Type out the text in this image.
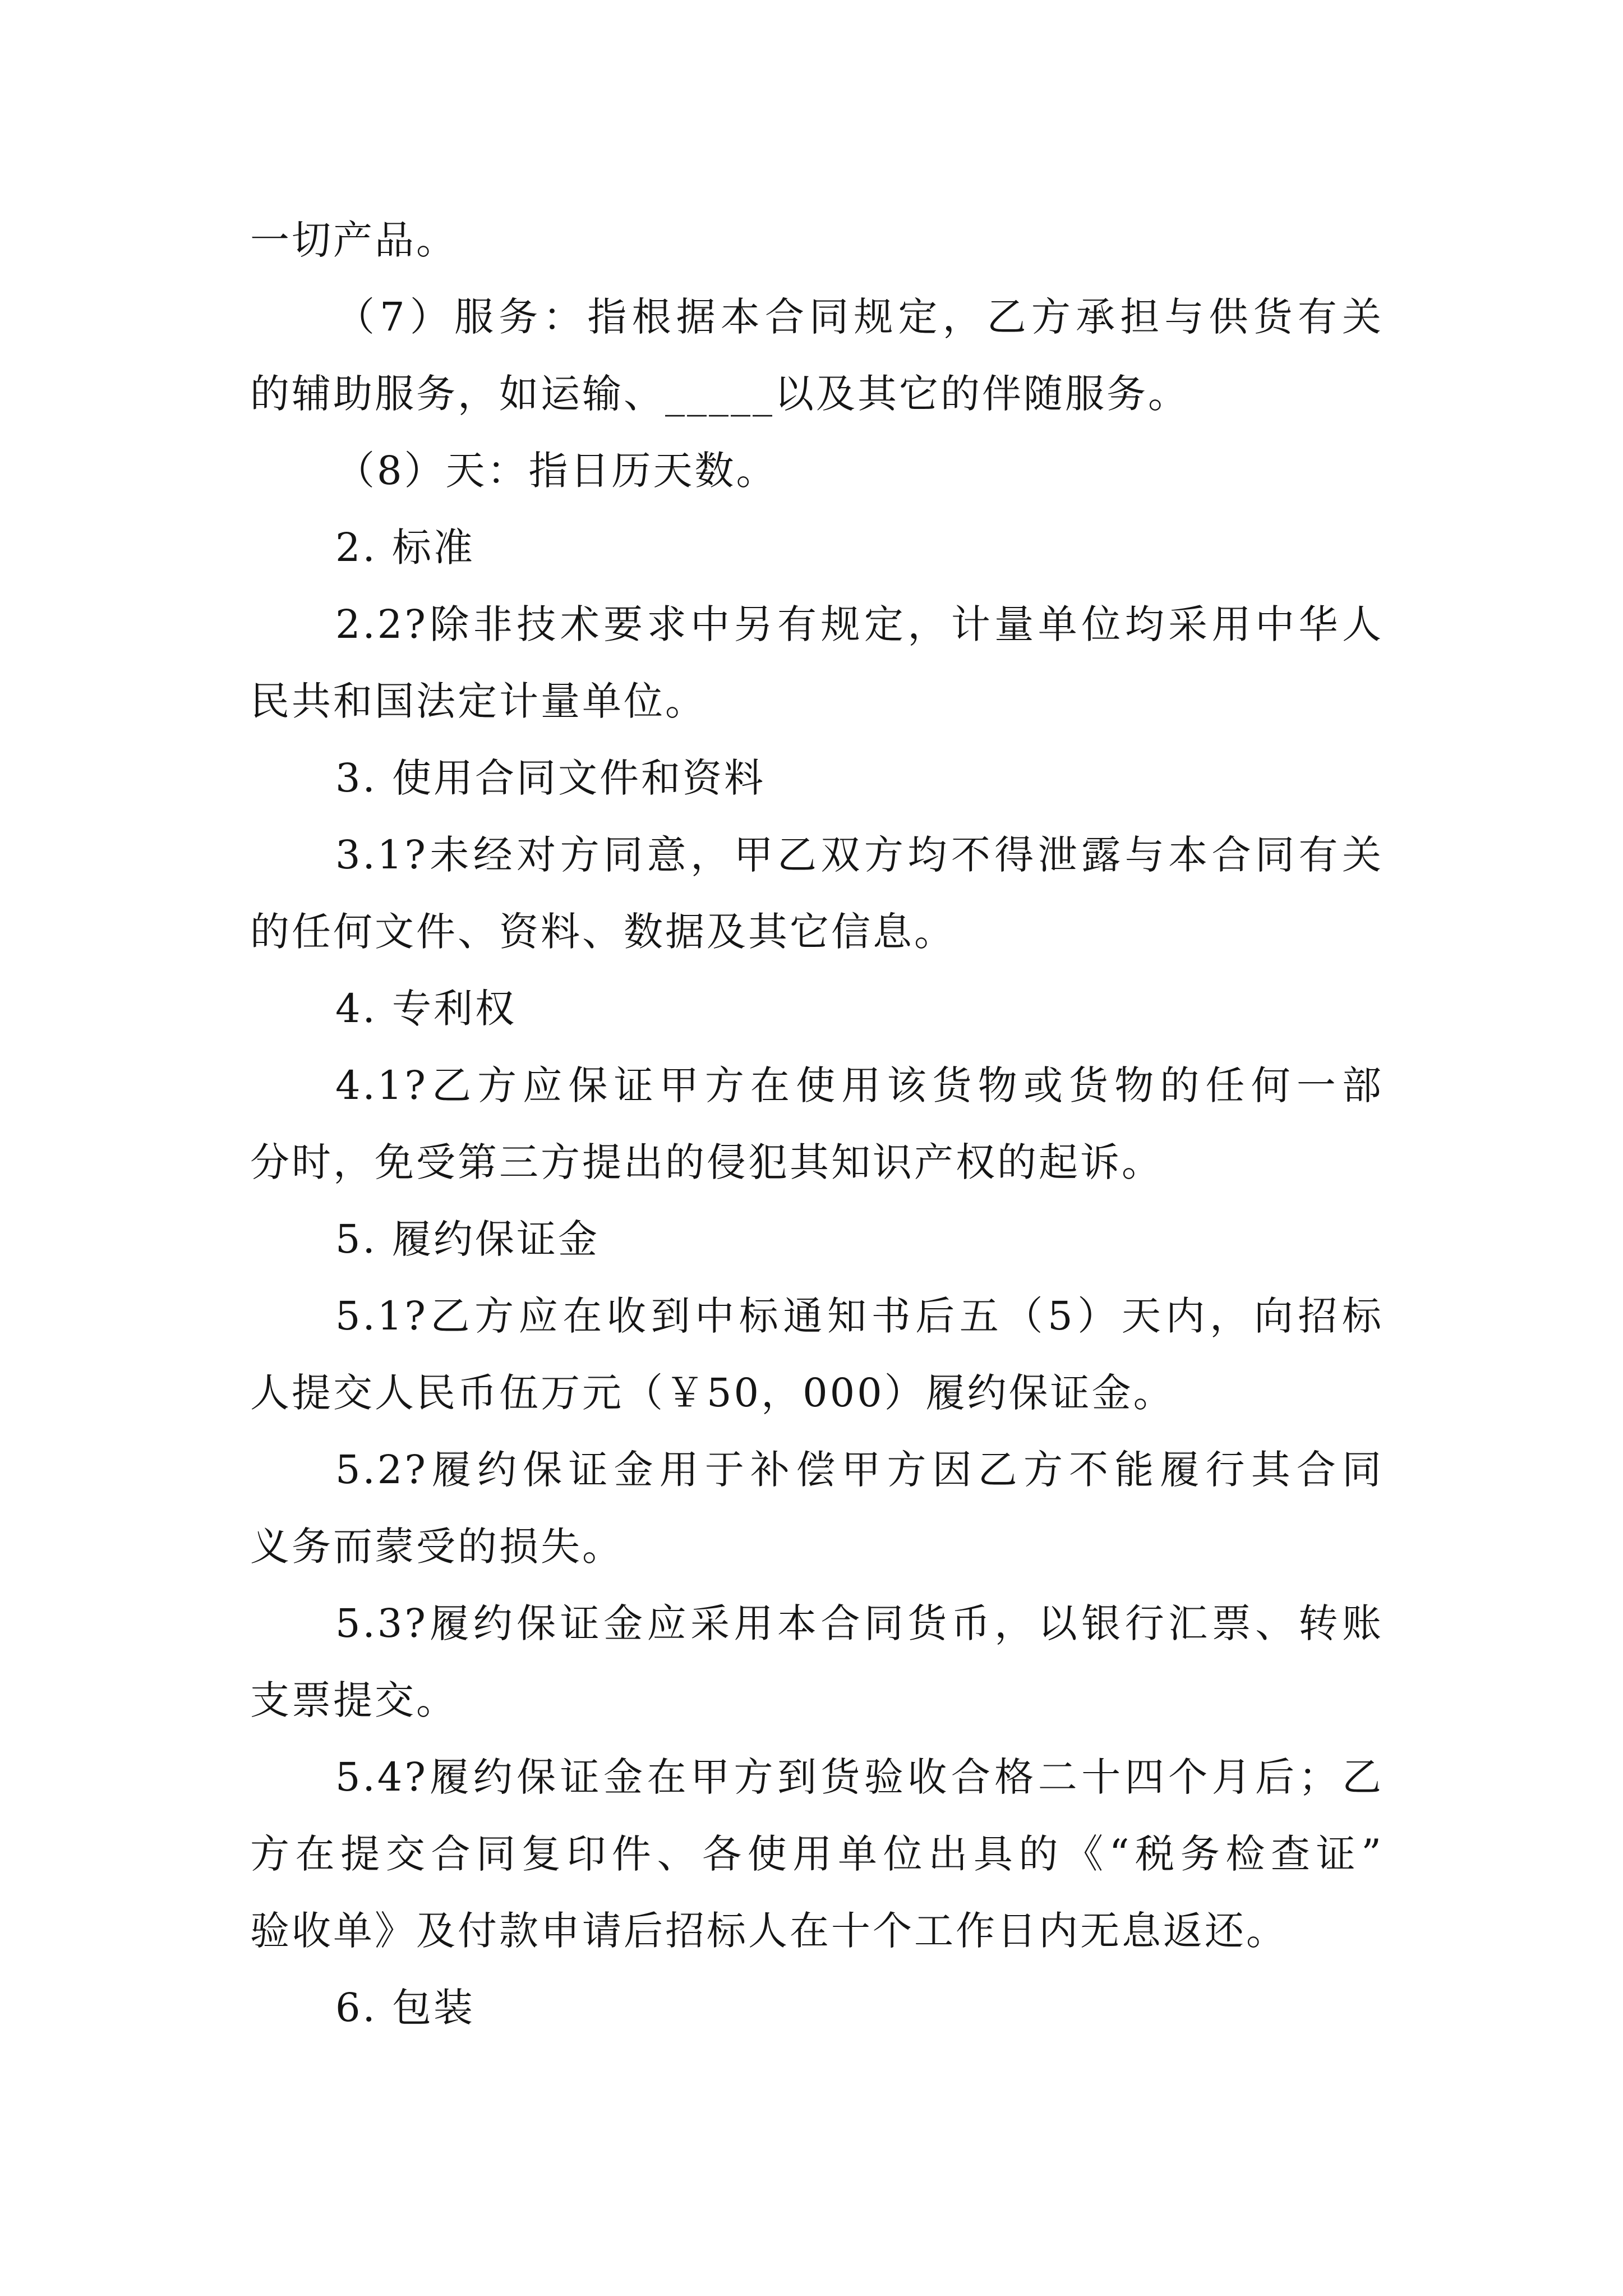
一切产品。
（7）服务：指根据本合同规定，乙方承担与供货有关
的辅助服务，如运输、_____以及其它的伴随服务。
（8）天：指日历天数。
2. 标准
2.2?除非技术要求中另有规定，计量单位均采用中华人
民共和国法定计量单位。
3. 使用合同文件和资料
3.1?未经对方同意，甲乙双方均不得泄露与本合同有关
的任何文件、资料、数据及其它信息。
4. 专利权
4.1?乙方应保证甲方在使用该货物或货物的任何一部
分时，免受第三方提出的侵犯其知识产权的起诉。
5. 履约保证金
5.1?乙方应在收到中标通知书后五（5）天内，向招标
人提交人民币伍万元（￥50，000）履约保证金。
5.2?履约保证金用于补偿甲方因乙方不能履行其合同
义务而蒙受的损失。
5.3?履约保证金应采用本合同货币，以银行汇票、转账
支票提交。
5.4?履约保证金在甲方到货验收合格二十四个月后；乙
方在提交合同复印件、各使用单位出具的《“税务检查证”
验收单》及付款申请后招标人在十个工作日内无息返还。
6. 包装
